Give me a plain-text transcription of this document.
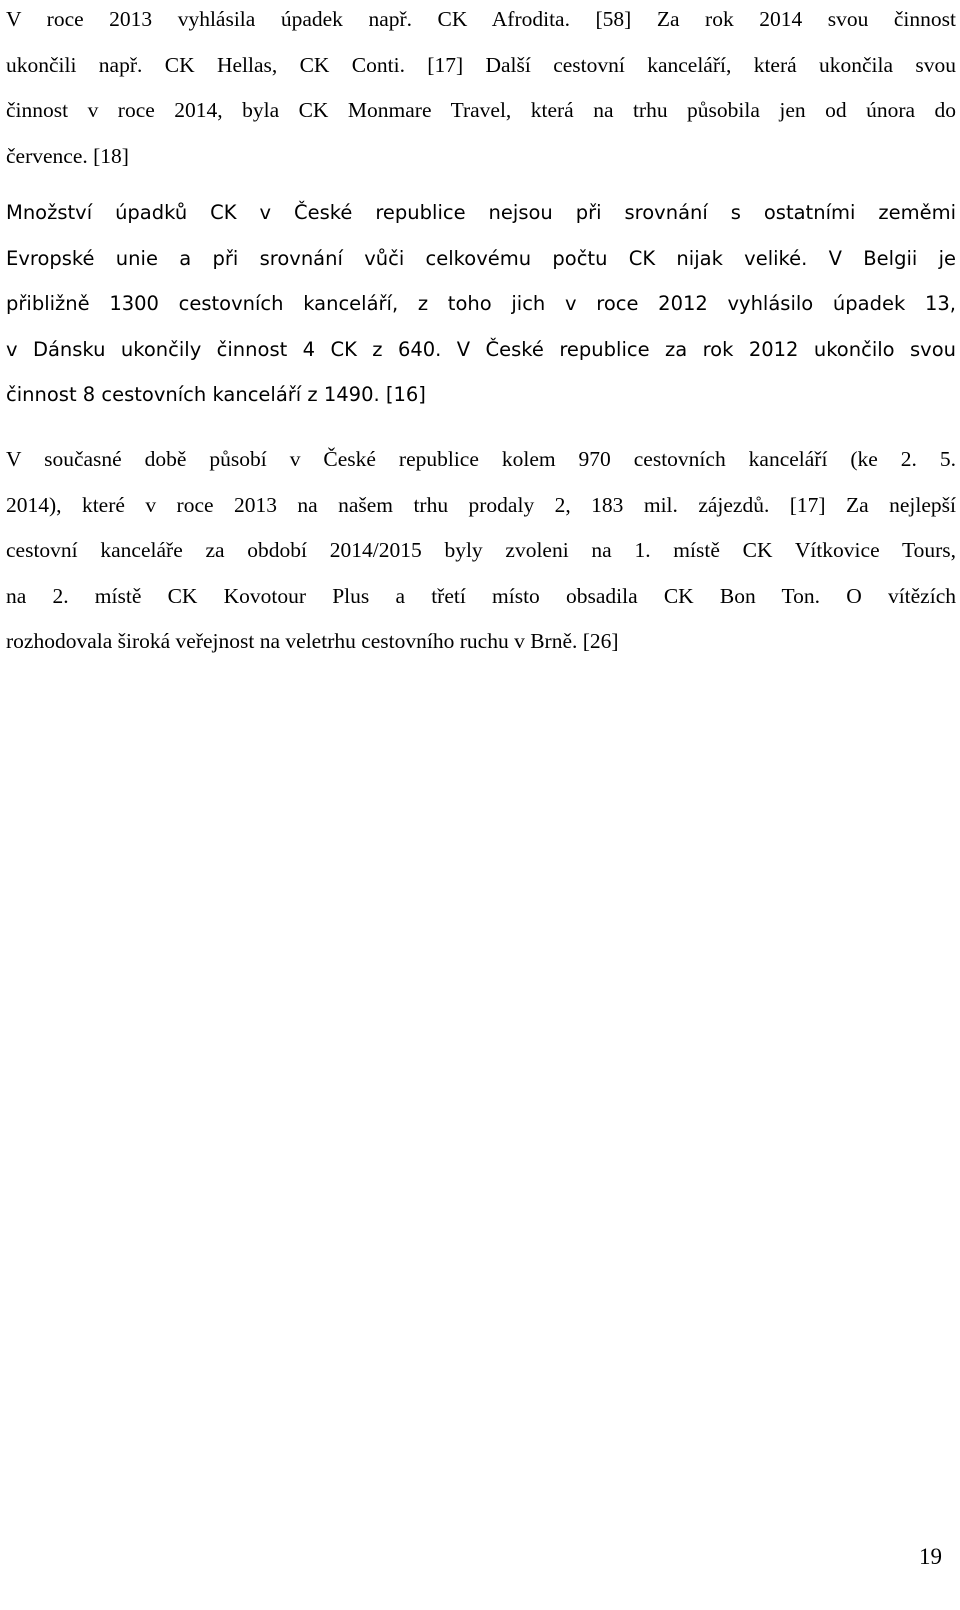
V roce 2013 vyhlásila úpadek např. CK Afrodita. [58] Za rok 2014 svou činnost
ukončili např. CK Hellas, CK Conti. [17] Další cestovní kanceláří, která ukončila svou
činnost v roce 2014, byla CK Monmare Travel, která na trhu působila jen od února do
července. [18]
Množství úpadků CK v České republice nejsou při srovnání s ostatními zeměmi
Evropské unie a při srovnání vůči celkovému počtu CK nijak veliké. V Belgii je
přibližně 1300 cestovních kanceláří, z toho jich v roce 2012 vyhlásilo úpadek 13,
v Dánsku ukončily činnost 4 CK z 640. V České republice za rok 2012 ukončilo svou
činnost 8 cestovních kanceláří z 1490. [16]
V současné době působí v České republice kolem 970 cestovních kanceláří (ke 2. 5.
2014), které v roce 2013 na našem trhu prodaly 2, 183 mil. zájezdů. [17] Za nejlepší
cestovní kanceláře za období 2014/2015 byly zvoleni na 1. místě CK Vítkovice Tours,
na 2. místě CK Kovotour Plus a třetí místo obsadila CK Bon Ton. O vítězích
rozhodovala široká veřejnost na veletrhu cestovního ruchu v Brně. [26]
19
